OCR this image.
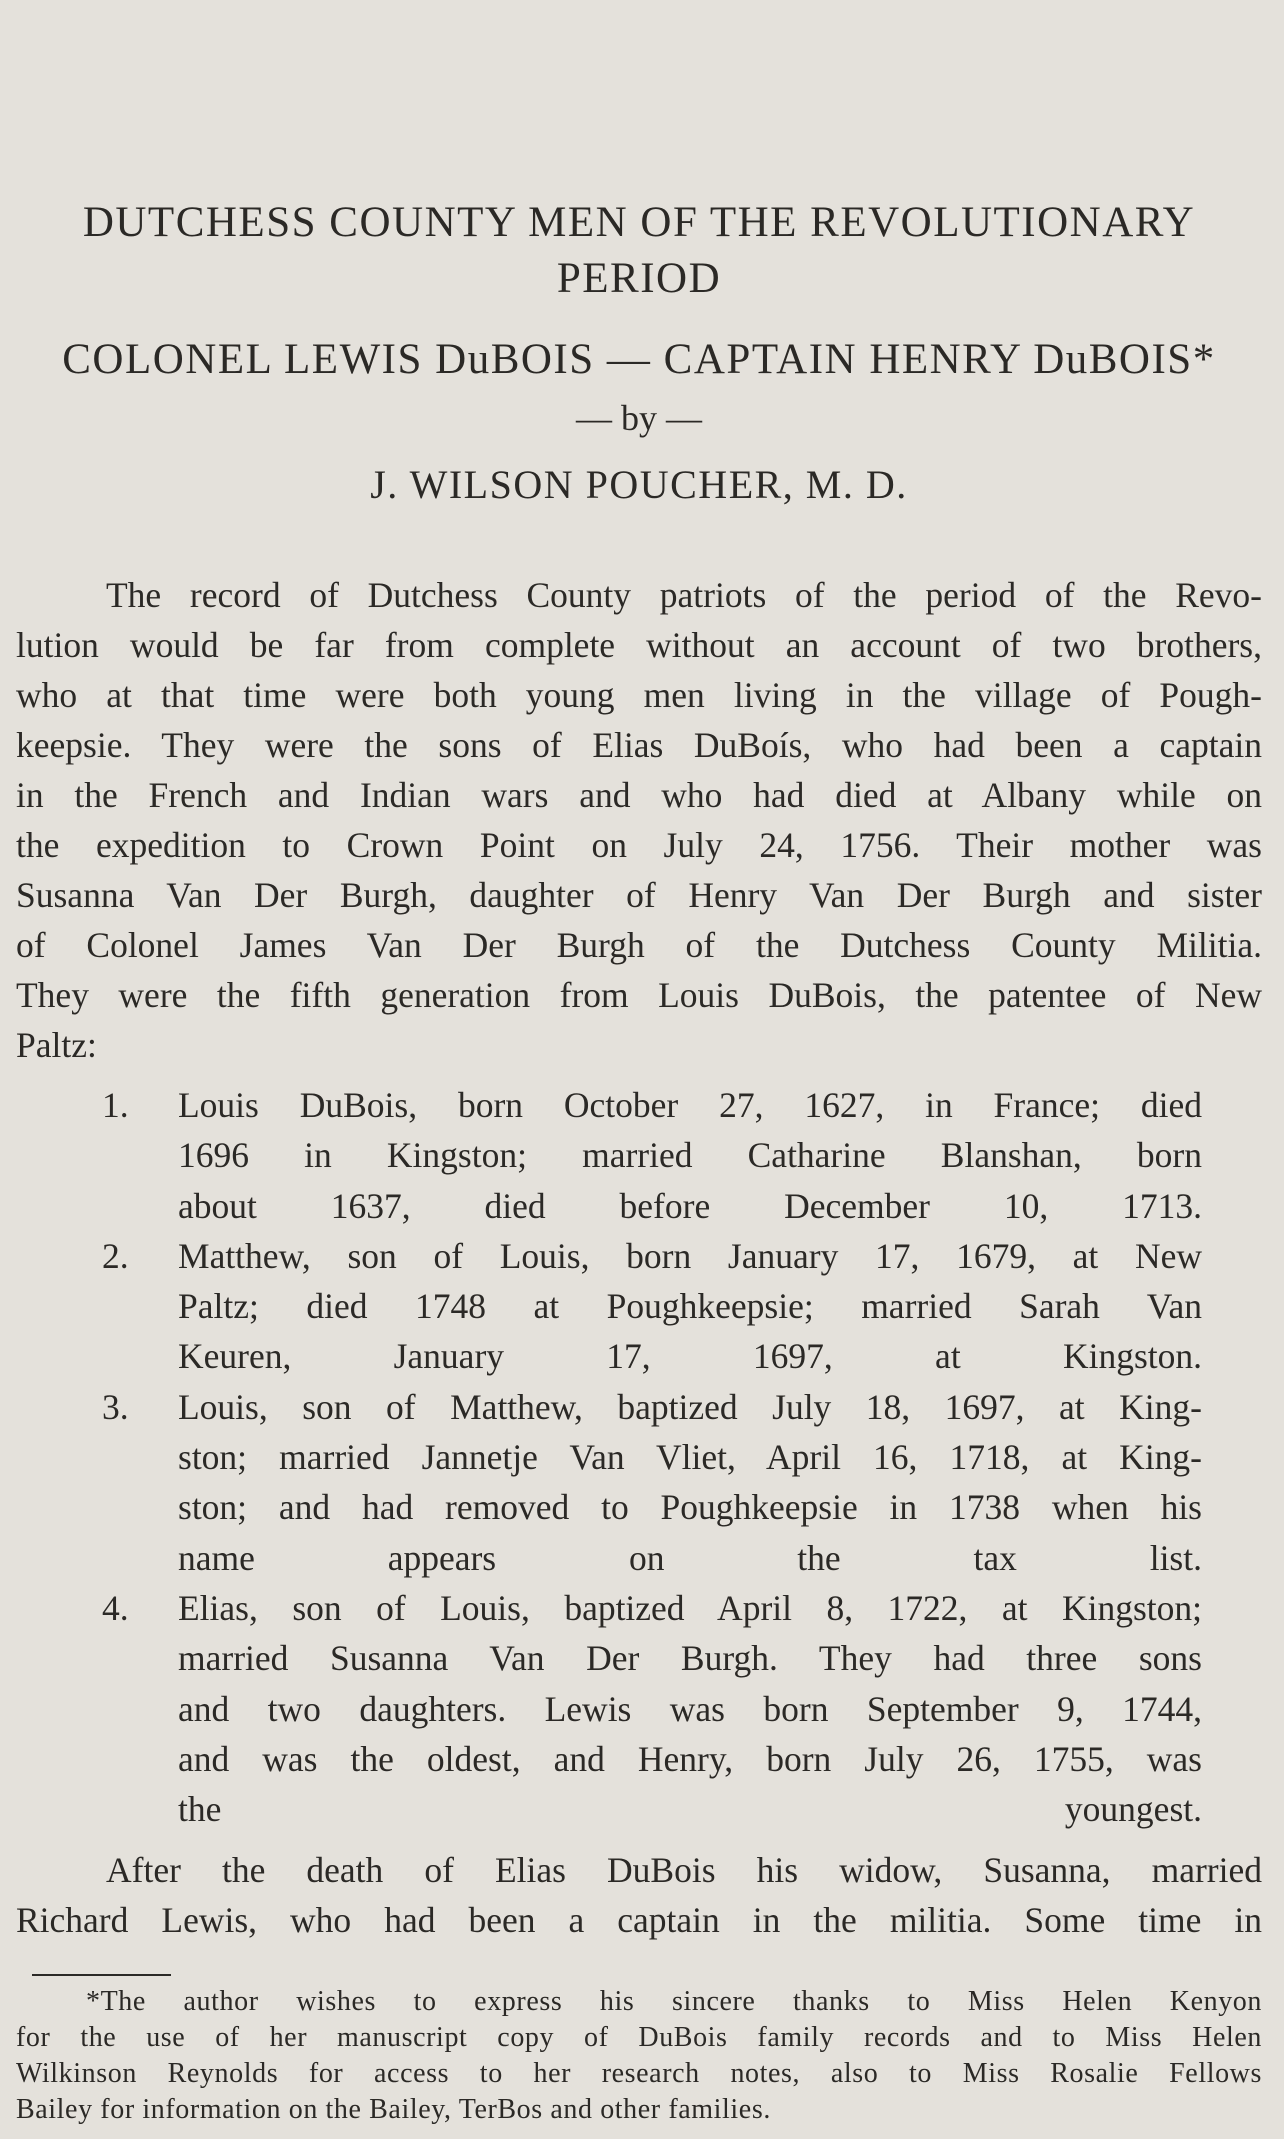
DUTCHESS COUNTY MEN OF THE REVOLUTIONARY
PERIOD
COLONEL LEWIS DuBOIS — CAPTAIN HENRY DuBOIS*
— by —
J. WILSON POUCHER, M. D.
The record of Dutchess County patriots of the period of the Revo-
lution would be far from complete without an account of two brothers,
who at that time were both young men living in the village of Pough-
keepsie. They were the sons of Elias DuBoís, who had been a captain
in the French and Indian wars and who had died at Albany while on
the expedition to Crown Point on July 24, 1756. Their mother was
Susanna Van Der Burgh, daughter of Henry Van Der Burgh and sister
of Colonel James Van Der Burgh of the Dutchess County Militia.
They were the fifth generation from Louis DuBois, the patentee of New
Paltz:
1. Louis DuBois, born October 27, 1627, in France; died
1696 in Kingston; married Catharine Blanshan, born
about 1637, died before December 10, 1713.
2. Matthew, son of Louis, born January 17, 1679, at New
Paltz; died 1748 at Poughkeepsie; married Sarah Van
Keuren, January 17, 1697, at Kingston.
3. Louis, son of Matthew, baptized July 18, 1697, at King-
ston; married Jannetje Van Vliet, April 16, 1718, at King-
ston; and had removed to Poughkeepsie in 1738 when his
name appears on the tax list.
4. Elias, son of Louis, baptized April 8, 1722, at Kingston;
married Susanna Van Der Burgh. They had three sons
and two daughters. Lewis was born September 9, 1744,
and was the oldest, and Henry, born July 26, 1755, was
the youngest.
After the death of Elias DuBois his widow, Susanna, married
Richard Lewis, who had been a captain in the militia. Some time in
*The author wishes to express his sincere thanks to Miss Helen Kenyon
for the use of her manuscript copy of DuBois family records and to Miss Helen
Wilkinson Reynolds for access to her research notes, also to Miss Rosalie Fellows
Bailey for information on the Bailey, TerBos and other families.
